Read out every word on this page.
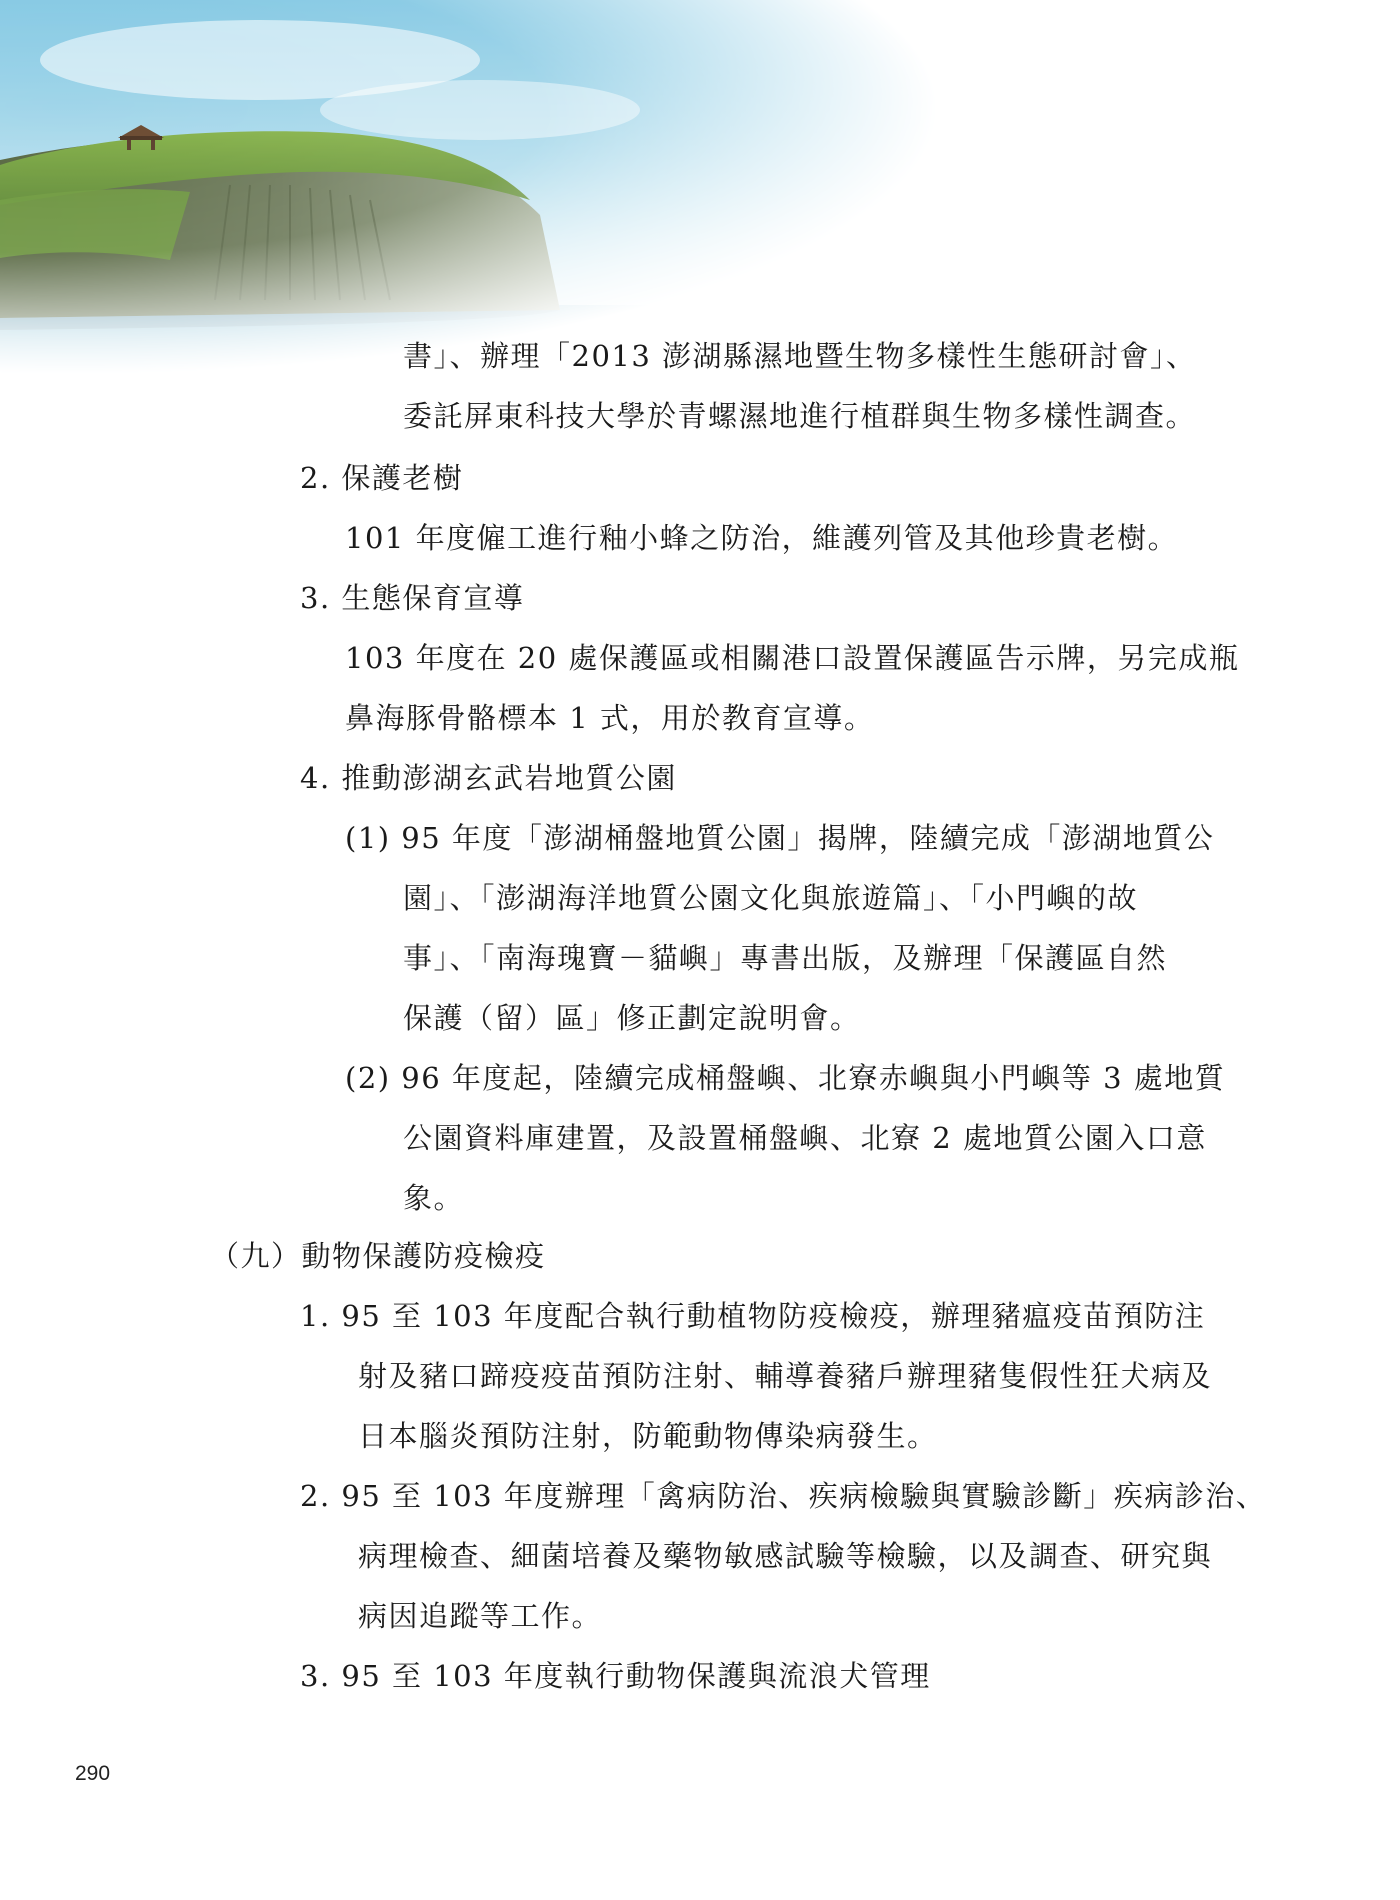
書」、辦理「2013 澎湖縣濕地暨生物多樣性生態研討會」、
委託屏東科技大學於青螺濕地進行植群與生物多樣性調查。
2. 保護老樹
101 年度僱工進行釉小蜂之防治，維護列管及其他珍貴老樹。
3. 生態保育宣導
103 年度在 20 處保護區或相關港口設置保護區告示牌，另完成瓶
鼻海豚骨骼標本 1 式，用於教育宣導。
4. 推動澎湖玄武岩地質公園
(1) 95 年度「澎湖桶盤地質公園」揭牌，陸續完成「澎湖地質公
園」、「澎湖海洋地質公園文化與旅遊篇」、「小門嶼的故
事」、「南海瑰寶－貓嶼」專書出版，及辦理「保護區自然
保護（留）區」修正劃定說明會。
(2) 96 年度起，陸續完成桶盤嶼、北寮赤嶼與小門嶼等 3 處地質
公園資料庫建置，及設置桶盤嶼、北寮 2 處地質公園入口意
象。
（九）動物保護防疫檢疫
1. 95 至 103 年度配合執行動植物防疫檢疫，辦理豬瘟疫苗預防注
射及豬口蹄疫疫苗預防注射、輔導養豬戶辦理豬隻假性狂犬病及
日本腦炎預防注射，防範動物傳染病發生。
2. 95 至 103 年度辦理「禽病防治、疾病檢驗與實驗診斷」疾病診治、
病理檢查、細菌培養及藥物敏感試驗等檢驗，以及調查、研究與
病因追蹤等工作。
3. 95 至 103 年度執行動物保護與流浪犬管理
290
